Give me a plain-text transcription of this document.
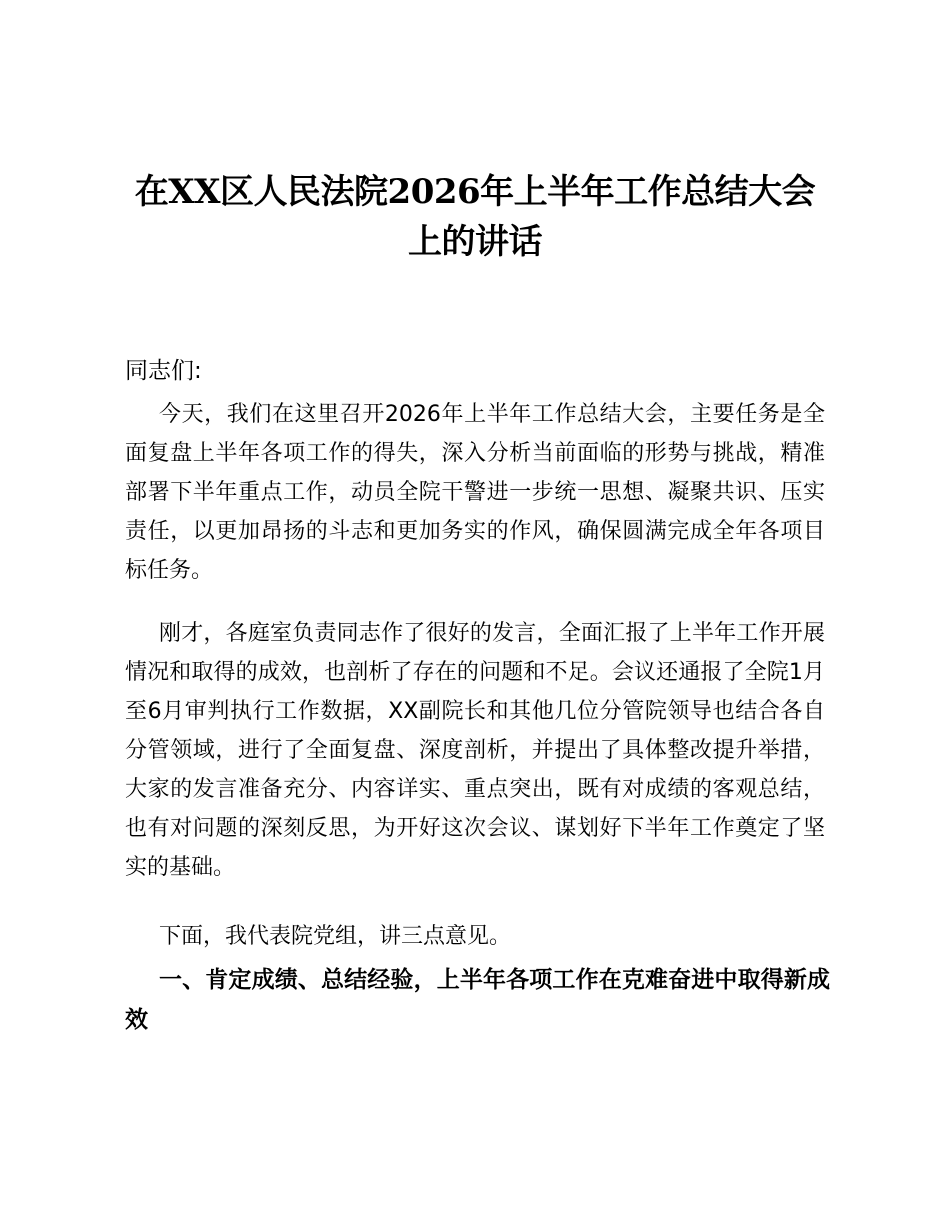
在XX区人民法院2026年上半年工作总结大会
上的讲话

同志们:

今天，我们在这里召开2026年上半年工作总结大会，主要任务是全面复盘上半年各项工作的得失，深入分析当前面临的形势与挑战，精准部署下半年重点工作，动员全院干警进一步统一思想、凝聚共识、压实责任，以更加昂扬的斗志和更加务实的作风，确保圆满完成全年各项目标任务。

刚才，各庭室负责同志作了很好的发言，全面汇报了上半年工作开展情况和取得的成效，也剖析了存在的问题和不足。会议还通报了全院1月至6月审判执行工作数据，XX副院长和其他几位分管院领导也结合各自分管领域，进行了全面复盘、深度剖析，并提出了具体整改提升举措，大家的发言准备充分、内容详实、重点突出，既有对成绩的客观总结，也有对问题的深刻反思，为开好这次会议、谋划好下半年工作奠定了坚实的基础。

下面，我代表院党组，讲三点意见。

一、肯定成绩、总结经验，上半年各项工作在克难奋进中取得新成效
